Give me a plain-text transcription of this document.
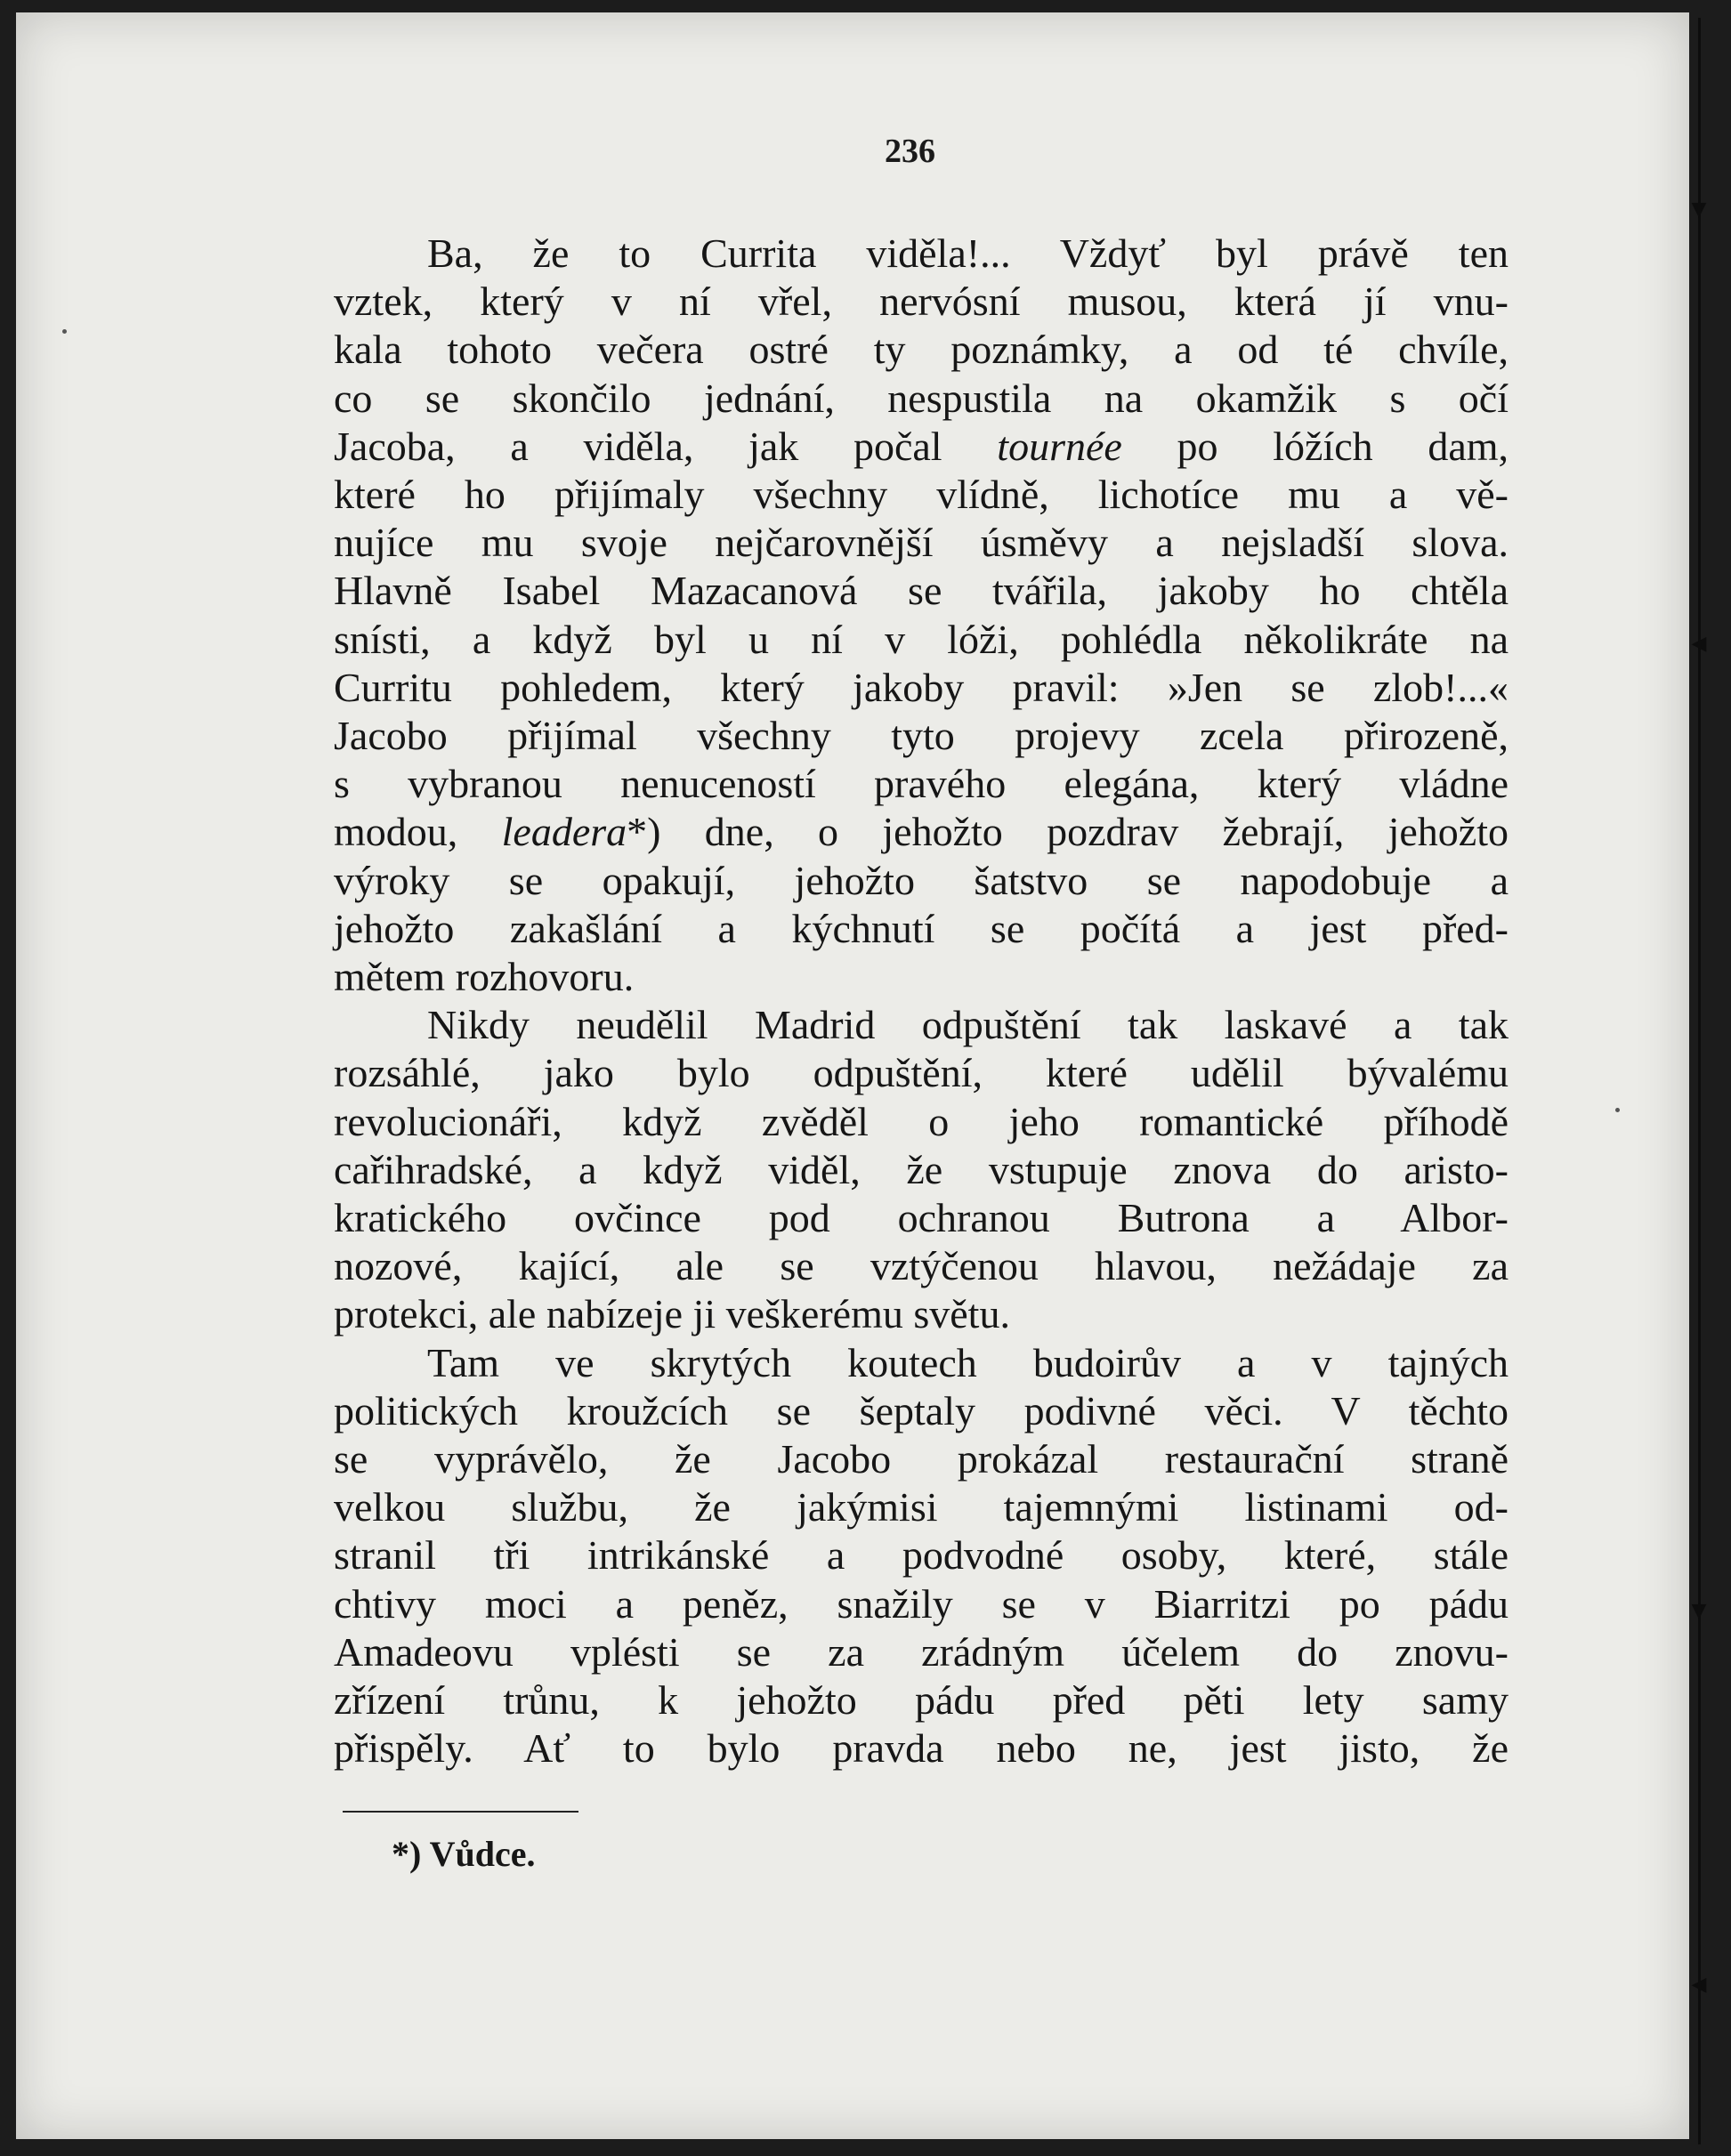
▼
◀
▼
◀
236
Ba, že to Currita viděla!... Vždyť byl právě ten
vztek, který v ní vřel, nervósní musou, která jí vnu-
kala tohoto večera ostré ty poznámky, a od té chvíle,
co se skončilo jednání, nespustila na okamžik s očí
Jacoba, a viděla, jak počal tournée po lóžích dam,
které ho přijímaly všechny vlídně, lichotíce mu a vě-
nujíce mu svoje nejčarovnější úsměvy a nejsladší slova.
Hlavně Isabel Mazacanová se tvářila, jakoby ho chtěla
snísti, a když byl u ní v lóži, pohlédla několikráte na
Curritu pohledem, který jakoby pravil: »Jen se zlob!...«
Jacobo přijímal všechny tyto projevy zcela přirozeně,
s vybranou nenuceností pravého elegána, který vládne
modou, leadera*) dne, o jehožto pozdrav žebrají, jehožto
výroky se opakují, jehožto šatstvo se napodobuje a
jehožto zakašlání a kýchnutí se počítá a jest před-
mětem rozhovoru.
Nikdy neudělil Madrid odpuštění tak laskavé a tak
rozsáhlé, jako bylo odpuštění, které udělil bývalému
revolucionáři, když zvěděl o jeho romantické příhodě
cařihradské, a když viděl, že vstupuje znova do aristo-
kratického ovčince pod ochranou Butrona a Albor-
nozové, kající, ale se vztýčenou hlavou, nežádaje za
protekci, ale nabízeje ji veškerému světu.
Tam ve skrytých koutech budoirův a v tajných
politických kroužcích se šeptaly podivné věci. V těchto
se vyprávělo, že Jacobo prokázal restaurační straně
velkou službu, že jakýmisi tajemnými listinami od-
stranil tři intrikánské a podvodné osoby, které, stále
chtivy moci a peněz, snažily se v Biarritzi po pádu
Amadeovu vplésti se za zrádným účelem do znovu-
zřízení trůnu, k jehožto pádu před pěti lety samy
přispěly. Ať to bylo pravda nebo ne, jest jisto, že
*) Vůdce.
